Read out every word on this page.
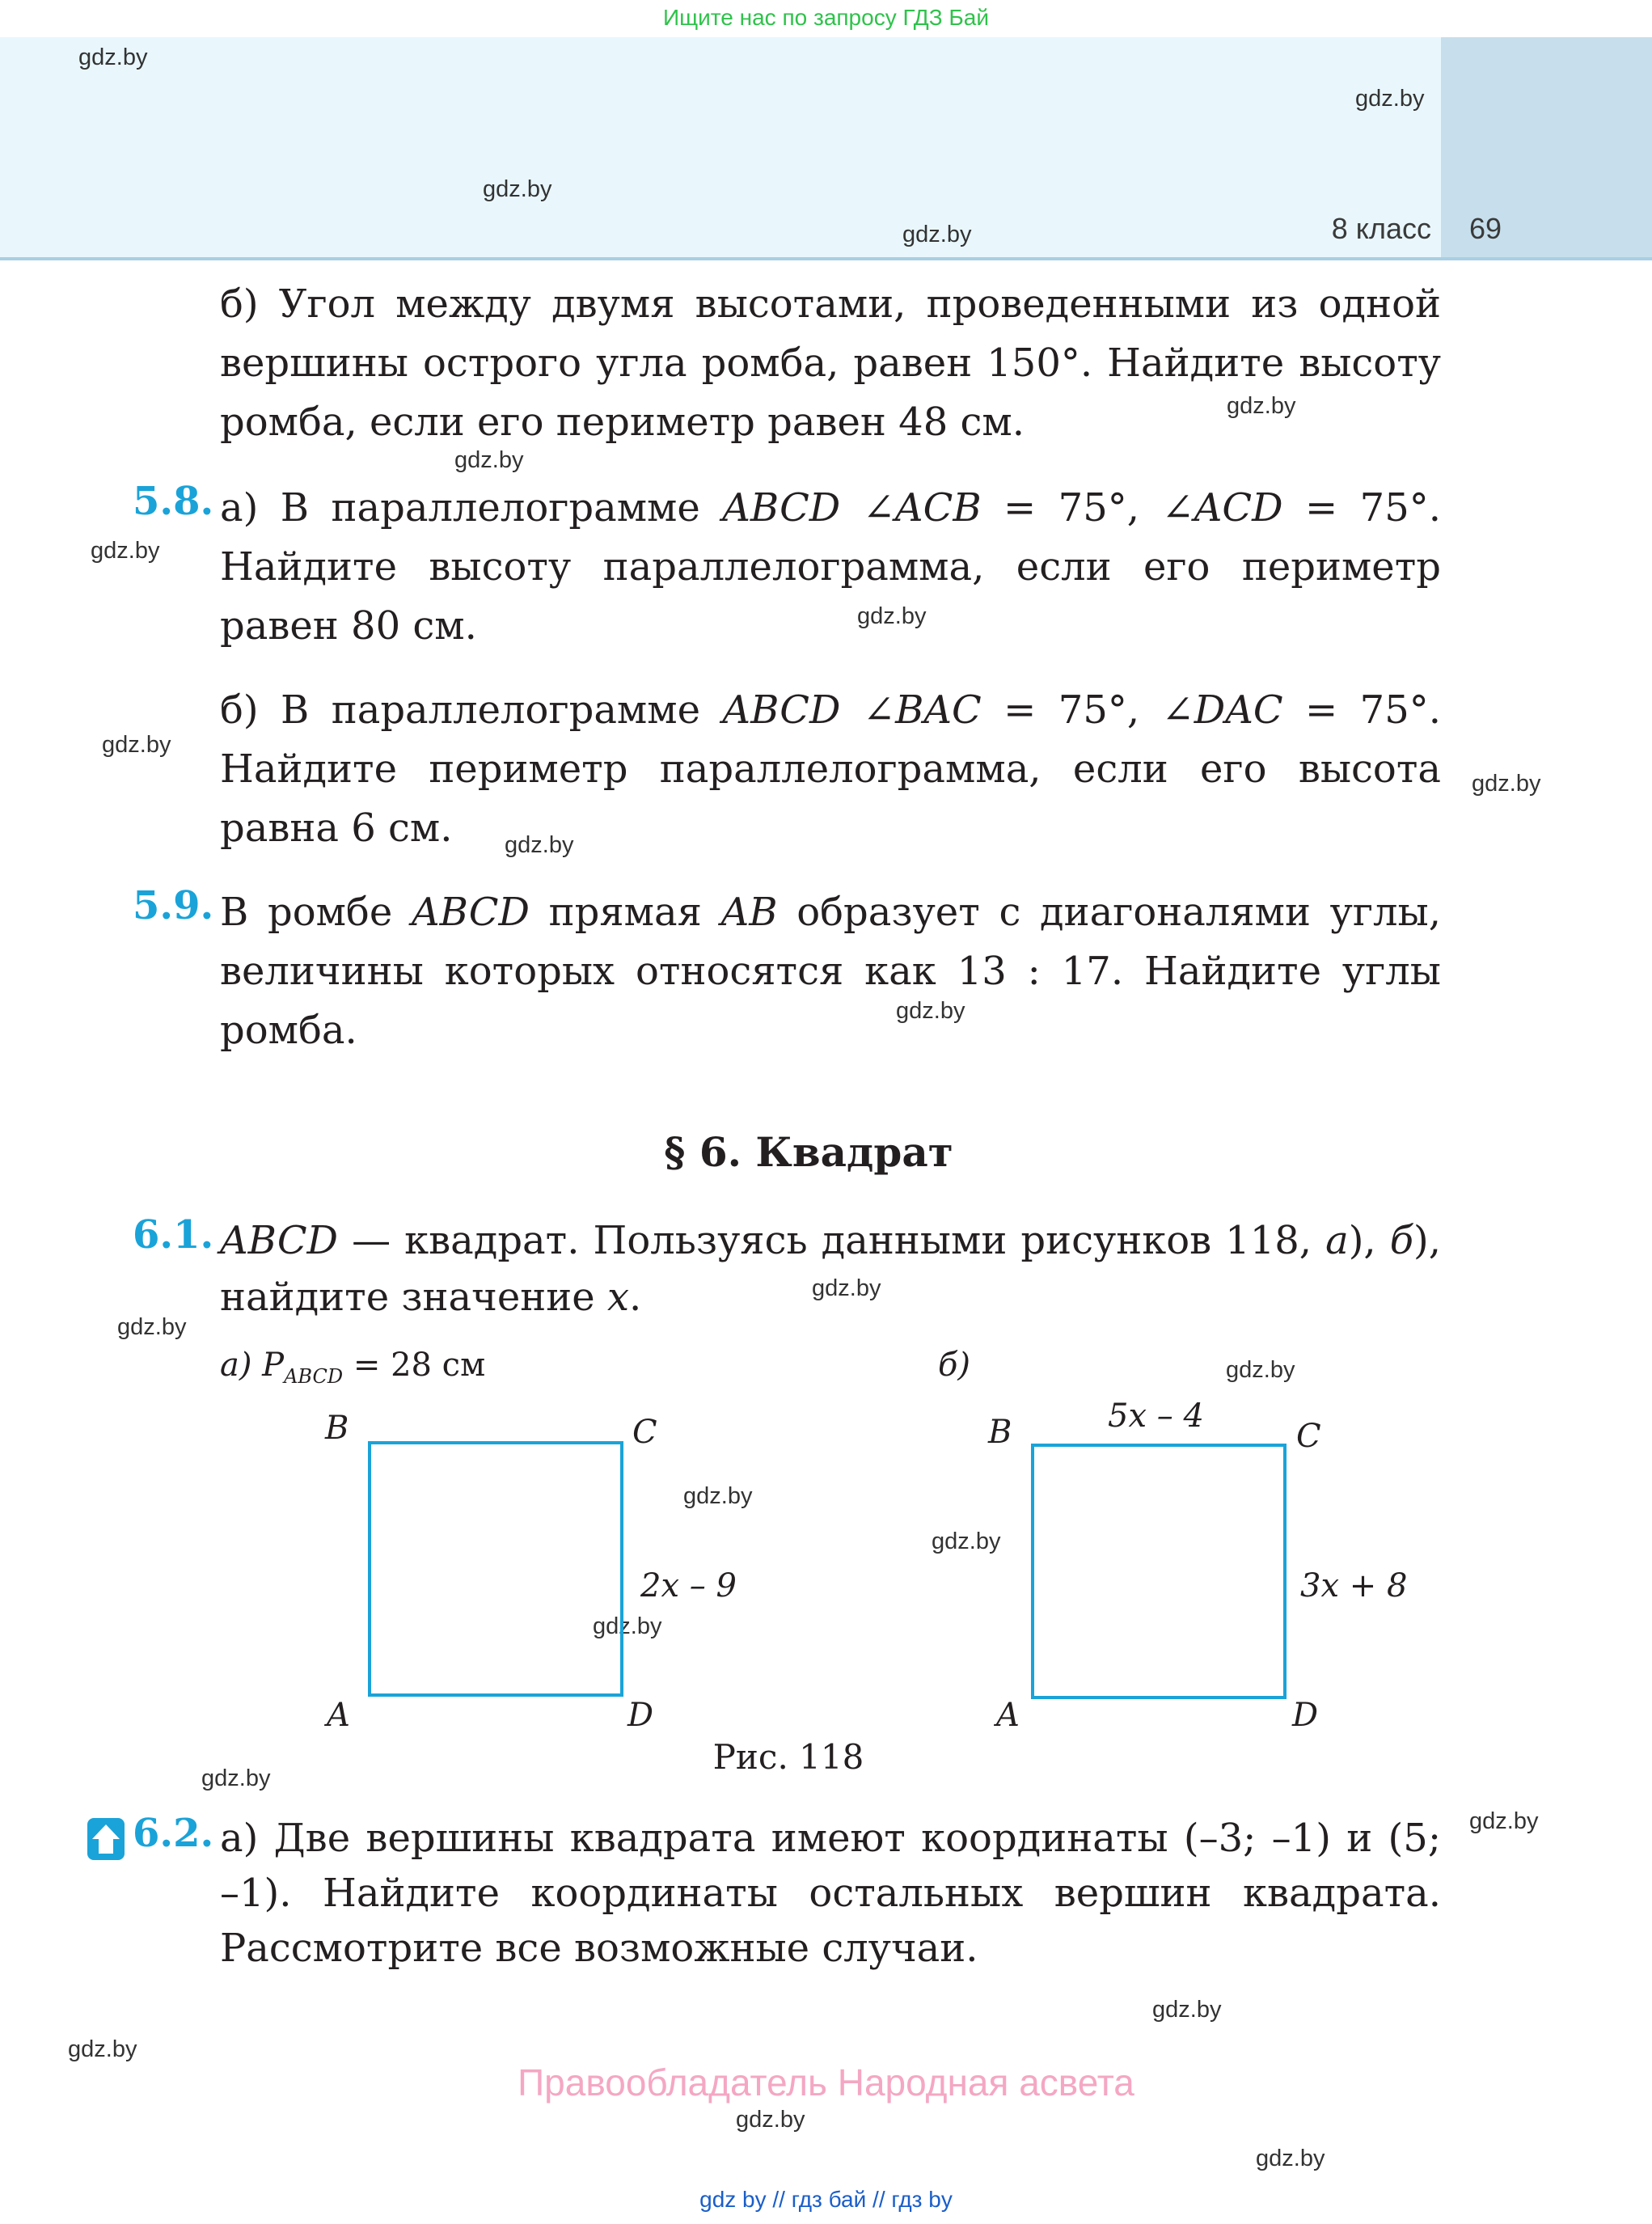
Ищите нас по запросу ГДЗ Бай
8 класс	69
gdz.by
gdz.by
gdz.by
gdz.by
gdz.by
gdz.by
gdz.by
gdz.by
gdz.by
gdz.by
gdz.by
gdz.by
gdz.by
gdz.by
gdz.by
gdz.by
gdz.by
gdz.by
gdz.by
gdz.by
gdz.by
gdz.by
gdz.by
gdz.by
б) Угол между двумя высотами, проведенными из одной вершины острого угла ромба, равен 150°. Найдите высоту ромба, если его периметр равен 48 см.
5.8. а) В параллелограмме ABCD ∠ACB = 75°, ∠ACD = 75°. Найдите высоту параллелограмма, если его периметр равен 80 см.
б) В параллелограмме ABCD ∠BAC = 75°, ∠DAC = 75°. Найдите периметр параллелограмма, если его высота равна 6 см.
5.9. В ромбе ABCD прямая AB образует с диагоналями углы, величины которых относятся как 13 : 17. Найдите углы ромба.
§ 6. Квадрат
6.1. ABCD — квадрат. Пользуясь данными рисунков 118, а), б), найдите значение x.
а) $P_{ABCD} = 28$ см
B	C
A	D
2x – 9
б)
B	C
A	D
5x – 4
3x + 8
Рис. 118
6.2. а) Две вершины квадрата имеют координаты (–3; –1) и (5; –1). Найдите координаты остальных вершин квадрата. Рассмотрите все возможные случаи.
Правообладатель Народная асвета
gdz by // гдз бай // гдз by
